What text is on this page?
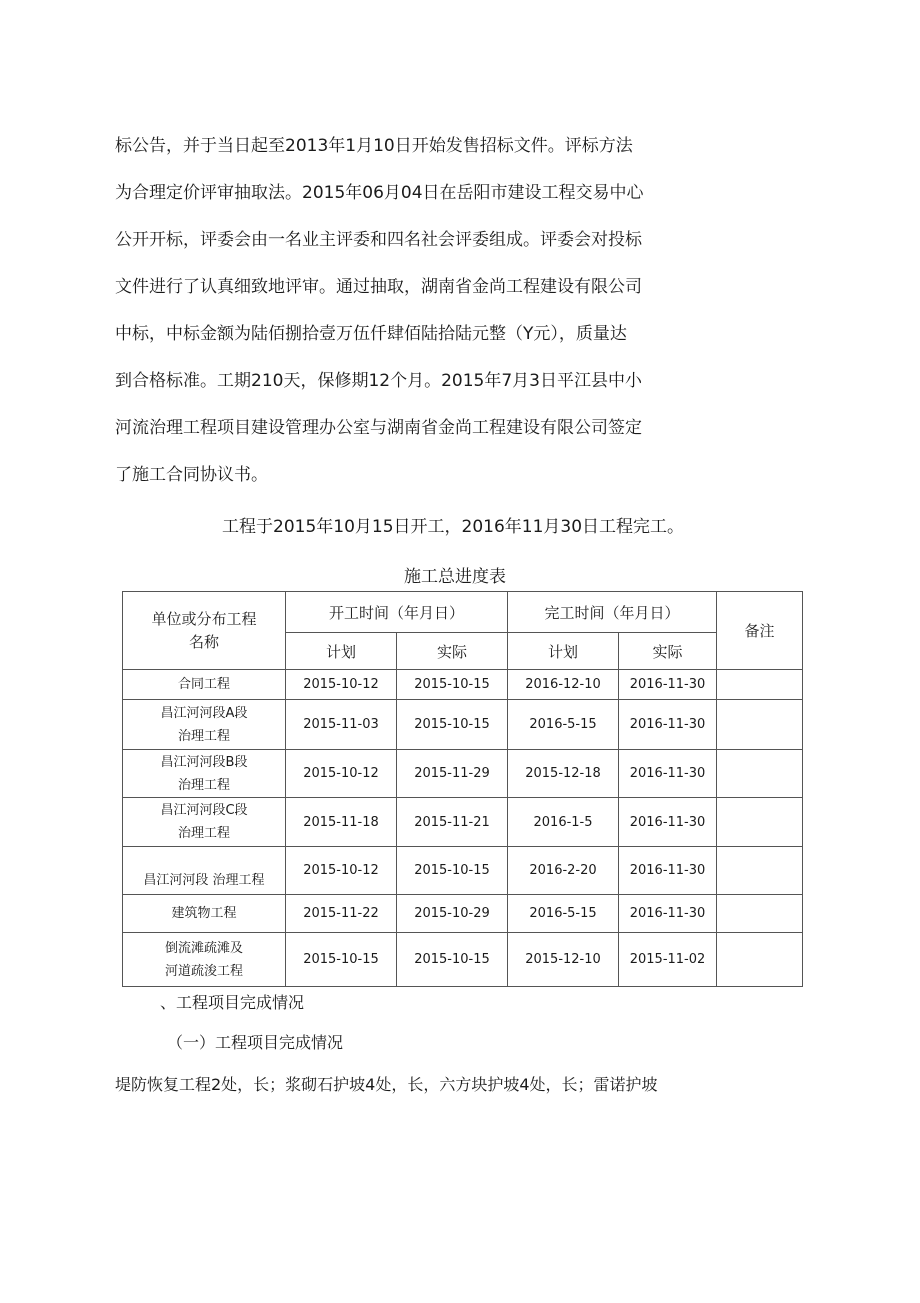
标公告，并于当日起至2013年1月10日开始发售招标文件。评标方法
为合理定价评审抽取法。2015年06月04日在岳阳市建设工程交易中心
公开开标，评委会由一名业主评委和四名社会评委组成。评委会对投标
文件进行了认真细致地评审。通过抽取，湖南省金尚工程建设有限公司
中标，中标金额为陆佰捌拾壹万伍仟肆佰陆拾陆元整（Y元），质量达
到合格标准。工期210天，保修期12个月。2015年7月3日平江县中小
河流治理工程项目建设管理办公室与湖南省金尚工程建设有限公司签定
了施工合同协议书。
工程于2015年10月15日开工，2016年11月30日工程完工。
施工总进度表
单位或分布工程
名称	开工时间（年月日）		完工时间（年月日）		备注
	计划	实际	计划	实际	

合同工程	2015-10-12	2015-10-15	2016-12-10	2016-11-30	

昌江河河段A段
治理工程	2015-11-03	2015-10-15	2016-5-15	2016-11-30	

昌江河河段B段
治理工程	2015-10-12	2015-11-29	2015-12-18	2016-11-30	

昌江河河段C段
治理工程	2015-11-18	2015-11-21	2016-1-5	2016-11-30	

昌江河河段 治理工程	2015-10-12	2015-10-15	2016-2-20	2016-11-30	

建筑物工程	2015-11-22	2015-10-29	2016-5-15	2016-11-30	

倒流滩疏滩及
河道疏浚工程	2015-10-15	2015-10-15	2015-12-10	2015-11-02	
、工程项目完成情况
（一）工程项目完成情况
堤防恢复工程2处，长；浆砌石护坡4处，长，六方块护坡4处，长；雷诺护坡
